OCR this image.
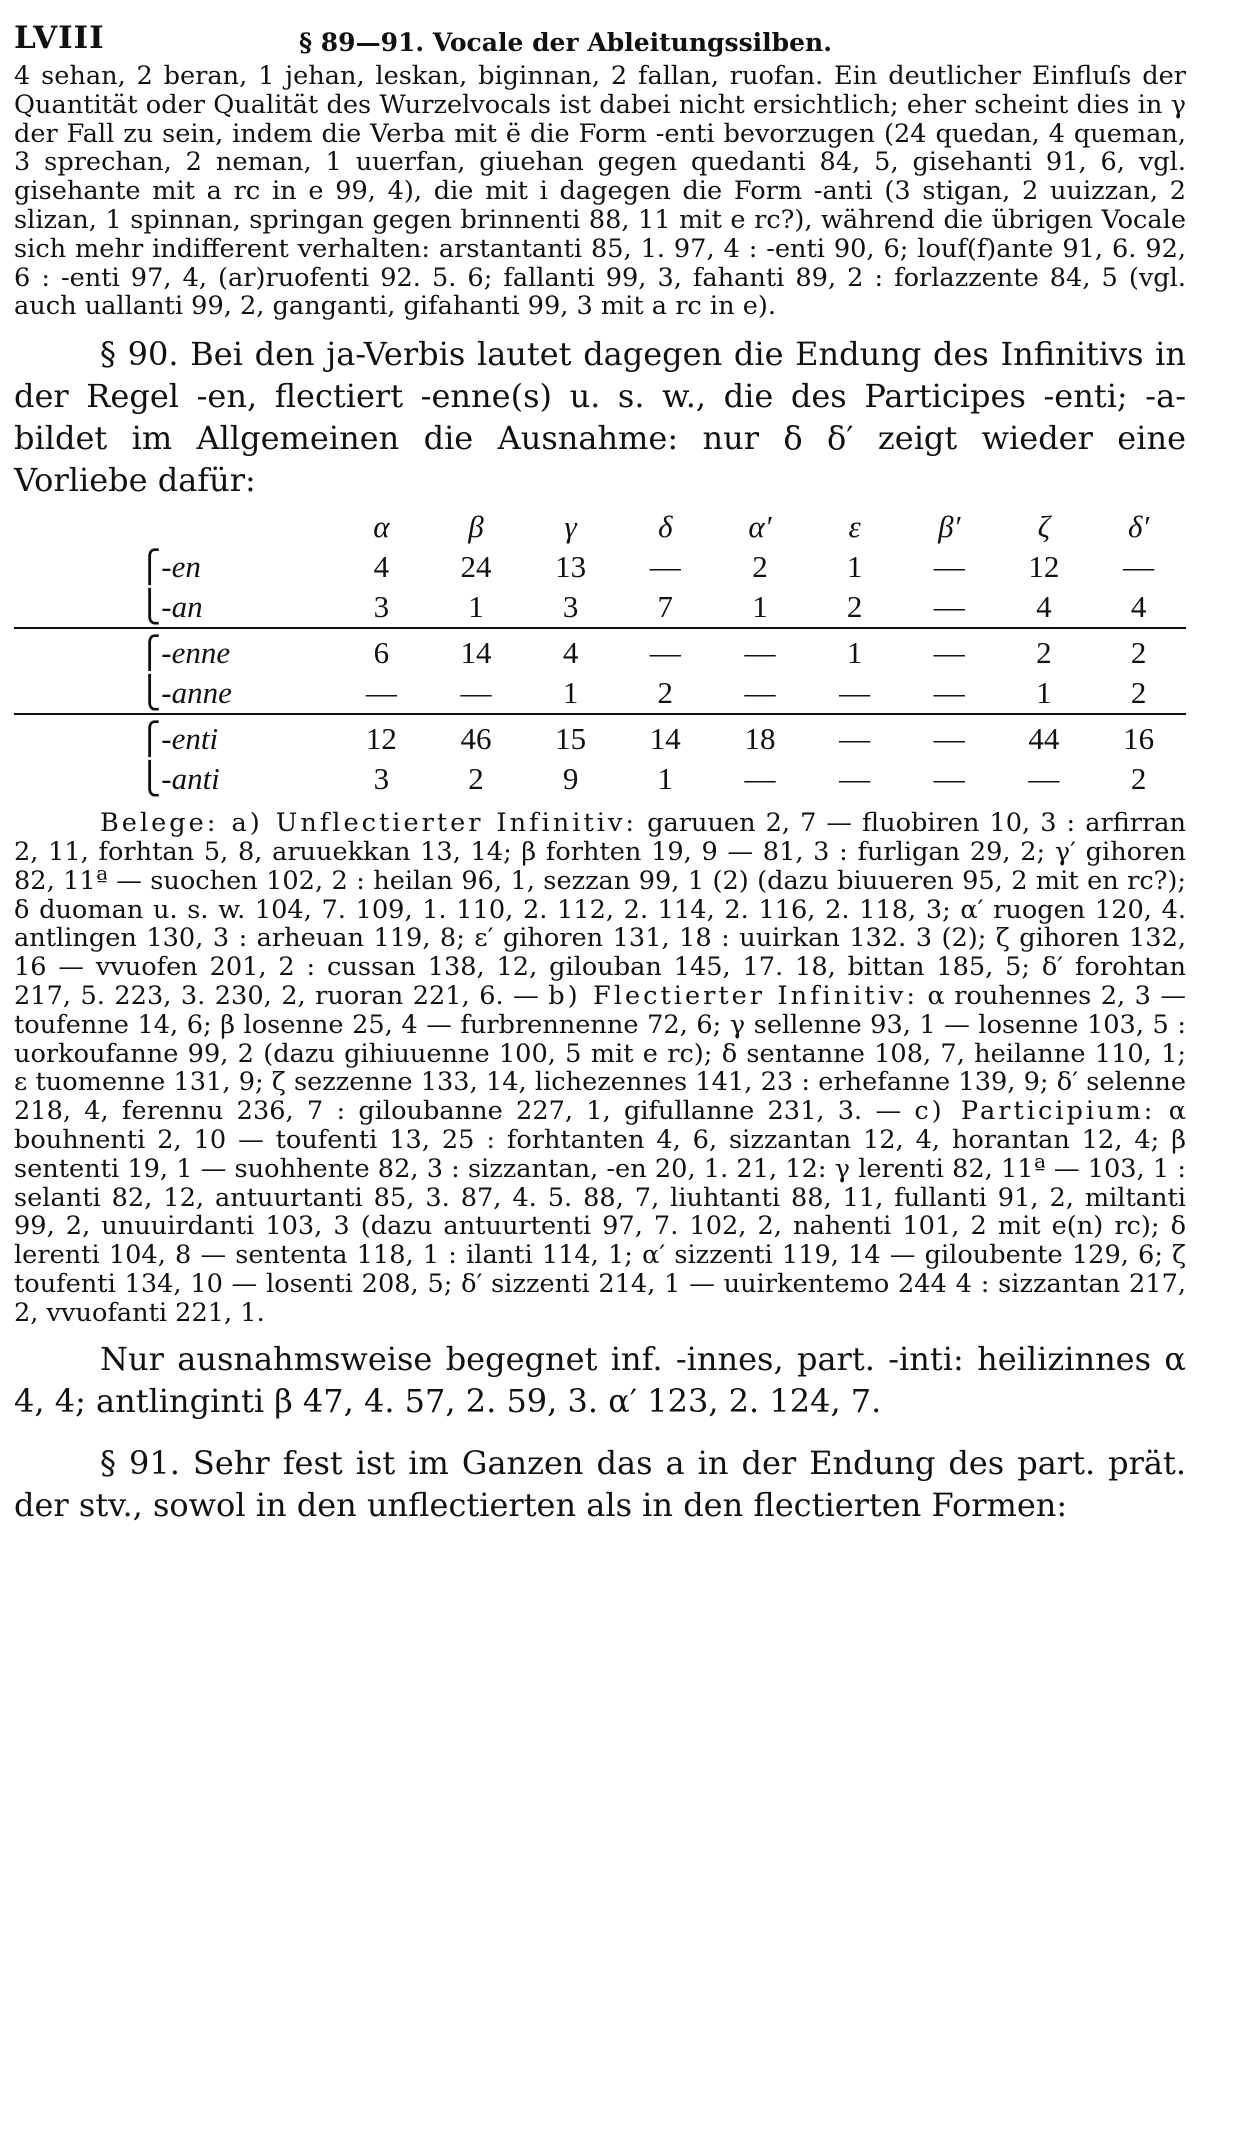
LVIII	§ 89—91. Vocale der Ableitungssilben.

4 sehan, 2 beran, 1 jehan, leskan, biginnan, 2 fallan, ruofan. Ein deutlicher Einfluſs der Quantität oder Qualität des Wurzelvocals ist dabei nicht ersichtlich; eher scheint dies in γ der Fall zu sein, indem die Verba mit ë die Form -enti bevorzugen (24 quedan, 4 queman, 3 sprechan, 2 neman, 1 uuerfan, giuehan gegen quedanti 84, 5, gisehanti 91, 6, vgl. gisehante mit a rc in e 99, 4), die mit i dagegen die Form -anti (3 stigan, 2 uuizzan, 2 slizan, 1 spinnan, springan gegen brinnenti 88, 11 mit e rc?), während die übrigen Vocale sich mehr indifferent verhalten: arstantanti 85, 1. 97, 4 : -enti 90, 6; louf(f)ante 91, 6. 92, 6 : -enti 97, 4, (ar)ruofenti 92. 5. 6; fallanti 99, 3, fahanti 89, 2 : forlazzente 84, 5 (vgl. auch uallanti 99, 2, ganganti, gifahanti 99, 3 mit a rc in e).

§ 90. Bei den ja-Verbis lautet dagegen die Endung des Infinitivs in der Regel -en, flectiert -enne(s) u. s. w., die des Participes -enti; -a- bildet im Allgemeinen die Ausnahme: nur δ δ′ zeigt wieder eine Vorliebe dafür:

	α	β	γ	δ	α′	ε	β′	ζ	δ′
⎧-en	4	24	13	—	2	1	—	12	—
⎩-an	3	1	3	7	1	2	—	4	4
⎧-enne	6	14	4	—	—	1	—	2	2
⎩-anne	—	—	1	2	—	—	—	1	2
⎧-enti	12	46	15	14	18	—	—	44	16
⎩-anti	3	2	9	1	—	—	—	—	2

Belege: a) Unflectierter Infinitiv: garuuen 2, 7 — fluobiren 10, 3 : arfirran 2, 11, forhtan 5, 8, aruuekkan 13, 14; β forhten 19, 9 — 81, 3 : furligan 29, 2; γ′ gihoren 82, 11ª — suochen 102, 2 : heilan 96, 1, sezzan 99, 1 (2) (dazu biuueren 95, 2 mit en rc?); δ duoman u. s. w. 104, 7. 109, 1. 110, 2. 112, 2. 114, 2. 116, 2. 118, 3; α′ ruogen 120, 4. antlingen 130, 3 : arheuan 119, 8; ε′ gihoren 131, 18 : uuirkan 132. 3 (2); ζ gihoren 132, 16 — vvuofen 201, 2 : cussan 138, 12, gilouban 145, 17. 18, bittan 185, 5; δ′ forohtan 217, 5. 223, 3. 230, 2, ruoran 221, 6. — b) Flectierter Infinitiv: α rouhennes 2, 3 — toufenne 14, 6; β losenne 25, 4 — furbrennenne 72, 6; γ sellenne 93, 1 — losenne 103, 5 : uorkoufanne 99, 2 (dazu gihiuuenne 100, 5 mit e rc); δ sentanne 108, 7, heilanne 110, 1; ε tuomenne 131, 9; ζ sezzenne 133, 14, lichezennes 141, 23 : erhefanne 139, 9; δ′ selenne 218, 4, ferennu 236, 7 : giloubanne 227, 1, gifullanne 231, 3. — c) Participium: α bouhnenti 2, 10 — toufenti 13, 25 : forhtanten 4, 6, sizzantan 12, 4, horantan 12, 4; β sententi 19, 1 — suohhente 82, 3 : sizzantan, -en 20, 1. 21, 12: γ lerenti 82, 11ª — 103, 1 : selanti 82, 12, antuurtanti 85, 3. 87, 4. 5. 88, 7, liuhtanti 88, 11, fullanti 91, 2, miltanti 99, 2, unuuirdanti 103, 3 (dazu antuurtenti 97, 7. 102, 2, nahenti 101, 2 mit e(n) rc); δ lerenti 104, 8 — sententa 118, 1 : ilanti 114, 1; α′ sizzenti 119, 14 — giloubente 129, 6; ζ toufenti 134, 10 — losenti 208, 5; δ′ sizzenti 214, 1 — uuirkentemo 244 4 : sizzantan 217, 2, vvuofanti 221, 1.

Nur ausnahmsweise begegnet inf. -innes, part. -inti: heilizinnes α 4, 4; antlinginti β 47, 4. 57, 2. 59, 3. α′ 123, 2. 124, 7.

§ 91. Sehr fest ist im Ganzen das a in der Endung des part. prät. der stv., sowol in den unflectierten als in den flectierten Formen:
